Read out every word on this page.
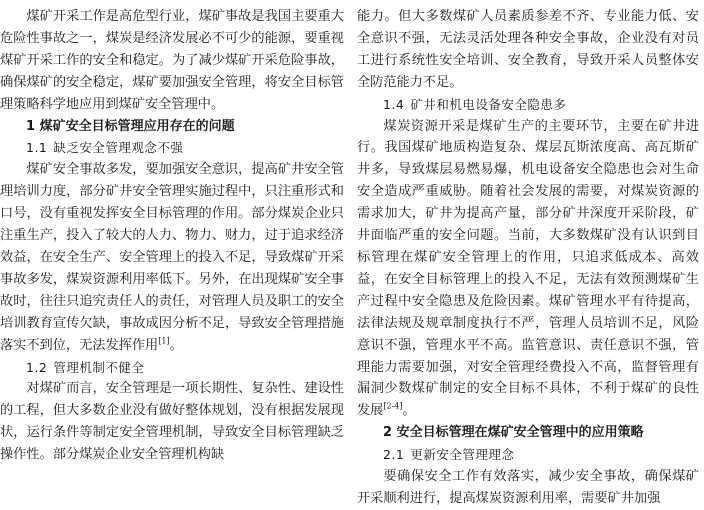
煤矿开采工作是高危型行业，煤矿事故是我国主要重大危险性事故之一，煤炭是经济发展必不可少的能源，要重视煤矿开采工作的安全和稳定。为了减少煤矿开采危险事故，确保煤矿的安全稳定，煤矿要加强安全管理，将安全目标管理策略科学地应用到煤矿安全管理中。

1 煤矿安全目标管理应用存在的问题

1.1 缺乏安全管理观念不强

煤矿安全事故多发，要加强安全意识，提高矿井安全管理培训力度，部分矿井安全管理实施过程中，只注重形式和口号，没有重视发挥安全目标管理的作用。部分煤炭企业只注重生产，投入了较大的人力、物力、财力，过于追求经济效益，在安全生产、安全管理上的投入不足，导致煤矿开采事故多发，煤炭资源利用率低下。另外，在出现煤矿安全事故时，往往只追究责任人的责任，对管理人员及职工的安全培训教育宣传欠缺，事故成因分析不足，导致安全管理措施落实不到位，无法发挥作用[1]。

1.2 管理机制不健全

对煤矿而言，安全管理是一项长期性、复杂性、建设性的工程，但大多数企业没有做好整体规划，没有根据发展现状，运行条件等制定安全管理机制，导致安全目标管理缺乏操作性。部分煤炭企业安全管理机构缺

能力。但大多数煤矿人员素质参差不齐、专业能力低、安全意识不强，无法灵活处理各种安全事故，企业没有对员工进行系统性安全培训、安全教育，导致开采人员整体安全防范能力不足。

1.4 矿井和机电设备安全隐患多

煤炭资源开采是煤矿生产的主要环节，主要在矿井进行。我国煤矿地质构造复杂、煤层瓦斯浓度高、高瓦斯矿井多，导致煤层易燃易爆，机电设备安全隐患也会对生命安全造成严重威胁。随着社会发展的需要，对煤炭资源的需求加大，矿井为提高产量，部分矿井深度开采阶段，矿井面临严重的安全问题。当前，大多数煤矿没有认识到目标管理在煤矿安全管理上的作用，只追求低成本、高效益，在安全目标管理上的投入不足，无法有效预测煤矿生产过程中安全隐患及危险因素。煤矿管理水平有待提高，法律法规及规章制度执行不严，管理人员培训不足，风险意识不强，管理水平不高。监管意识、责任意识不强，管理能力需要加强，对安全管理经费投入不高，监督管理有漏洞少数煤矿制定的安全目标不具体，不利于煤矿的良性发展[2-4]。

2 安全目标管理在煤矿安全管理中的应用策略

2.1 更新安全管理理念

要确保安全工作有效落实，减少安全事故，确保煤矿开采顺利进行，提高煤炭资源利用率，需要矿井加强
